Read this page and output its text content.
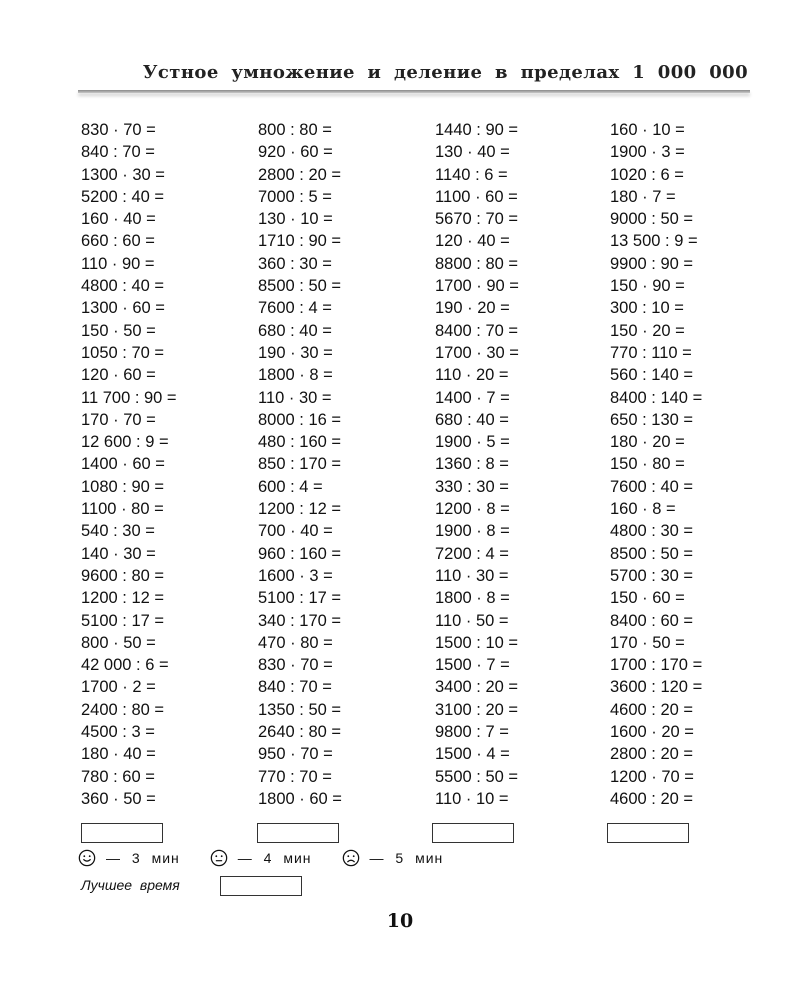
Устное умножение и деление в пределах 1 000 000
830 · 70 =
840 : 70 =
1300 · 30 =
5200 : 40 =
160 · 40 =
660 : 60 =
110 · 90 =
4800 : 40 =
1300 · 60 =
150 · 50 =
1050 : 70 =
120 · 60 =
11 700 : 90 =
170 · 70 =
12 600 : 9 =
1400 · 60 =
1080 : 90 =
1100 · 80 =
540 : 30 =
140 · 30 =
9600 : 80 =
1200 : 12 =
5100 : 17 =
800 · 50 =
42 000 : 6 =
1700 · 2 =
2400 : 80 =
4500 : 3 =
180 · 40 =
780 : 60 =
360 · 50 =
800 : 80 =
920 · 60 =
2800 : 20 =
7000 : 5 =
130 · 10 =
1710 : 90 =
360 : 30 =
8500 : 50 =
7600 : 4 =
680 : 40 =
190 · 30 =
1800 · 8 =
110 · 30 =
8000 : 16 =
480 : 160 =
850 : 170 =
600 : 4 =
1200 : 12 =
700 · 40 =
960 : 160 =
1600 · 3 =
5100 : 17 =
340 : 170 =
470 · 80 =
830 · 70 =
840 : 70 =
1350 : 50 =
2640 : 80 =
950 · 70 =
770 : 70 =
1800 · 60 =
1440 : 90 =
130 · 40 =
1140 : 6 =
1100 · 60 =
5670 : 70 =
120 · 40 =
8800 : 80 =
1700 · 90 =
190 · 20 =
8400 : 70 =
1700 · 30 =
110 · 20 =
1400 · 7 =
680 : 40 =
1900 · 5 =
1360 : 8 =
330 : 30 =
1200 · 8 =
1900 · 8 =
7200 : 4 =
110 · 30 =
1800 · 8 =
110 · 50 =
1500 : 10 =
1500 · 7 =
3400 : 20 =
3100 : 20 =
9800 : 7 =
1500 · 4 =
5500 : 50 =
110 · 10 =
160 · 10 =
1900 · 3 =
1020 : 6 =
180 · 7 =
9000 : 50 =
13 500 : 9 =
9900 : 90 =
150 · 90 =
300 : 10 =
150 · 20 =
770 : 110 =
560 : 140 =
8400 : 140 =
650 : 130 =
180 · 20 =
150 · 80 =
7600 : 40 =
160 · 8 =
4800 : 30 =
8500 : 50 =
5700 : 30 =
150 · 60 =
8400 : 60 =
170 · 50 =
1700 : 170 =
3600 : 120 =
4600 : 20 =
1600 · 20 =
2800 : 20 =
1200 · 70 =
4600 : 20 =
— 3 мин	— 4 мин	— 5 мин
Лучшее время
10
